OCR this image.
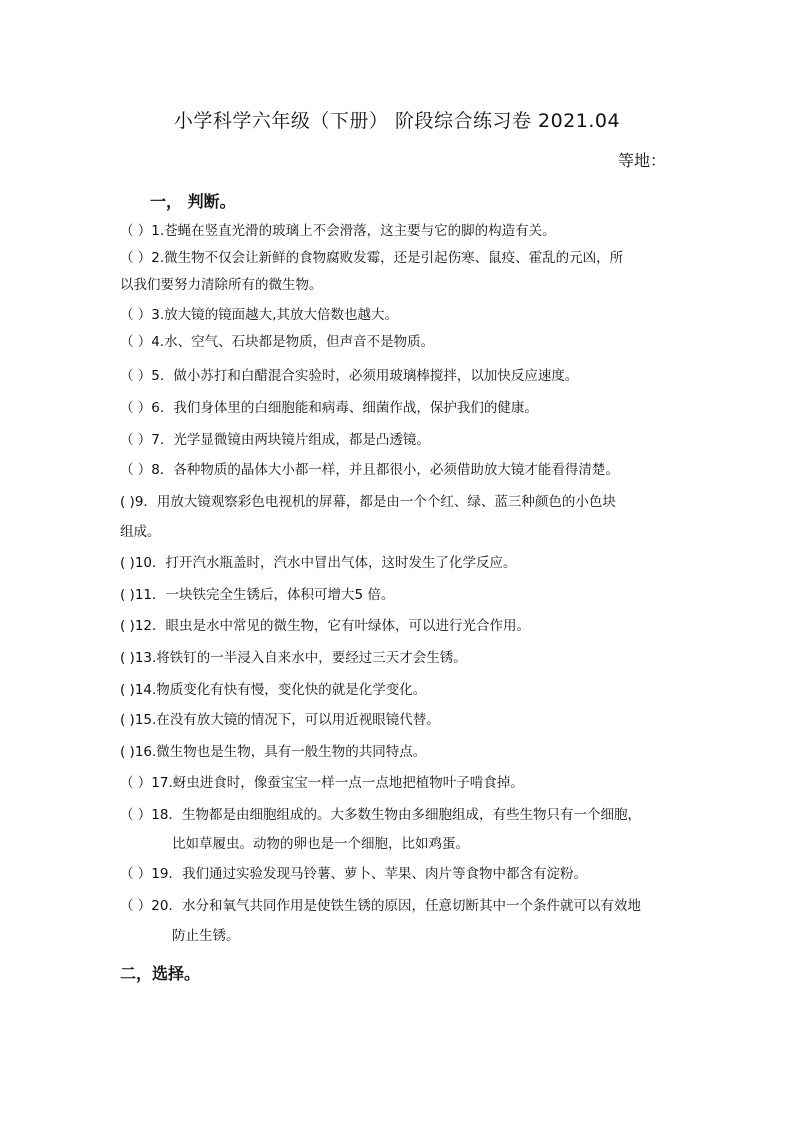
小学科学六年级（下册） 阶段综合练习卷 2021.04
等地：
一， 判断。
（ ）1.苍蝇在竖直光滑的玻璃上不会滑落，这主要与它的脚的构造有关。
（ ）2.微生物不仅会让新鲜的食物腐败发霉，还是引起伤寒、鼠疫、霍乱的元凶，所
以我们要努力清除所有的微生物。
（ ）3.放大镜的镜面越大,其放大倍数也越大。
（ ）4.水、空气、石块都是物质，但声音不是物质。
（ ）5．做小苏打和白醋混合实验时，必须用玻璃棒搅拌，以加快反应速度。
（ ）6．我们身体里的白细胞能和病毒、细菌作战，保护我们的健康。
（ ）7．光学显微镜由两块镜片组成，都是凸透镜。
（ ）8．各种物质的晶体大小都一样，并且都很小，必须借助放大镜才能看得清楚。
( )9．用放大镜观察彩色电视机的屏幕，都是由一个个红、绿、蓝三种颜色的小色块
组成。
( )10．打开汽水瓶盖时，汽水中冒出气体，这时发生了化学反应。
( )11．一块铁完全生锈后，体积可增大5 倍。
( )12．眼虫是水中常见的微生物，它有叶绿体，可以进行光合作用。
( )13.将铁钉的一半浸入自来水中，要经过三天才会生锈。
( )14.物质变化有快有慢，变化快的就是化学变化。
( )15.在没有放大镜的情况下，可以用近视眼镜代替。
( )16.微生物也是生物，具有一般生物的共同特点。
（ ）17.蚜虫进食时，像蚕宝宝一样一点一点地把植物叶子啃食掉。
（ ）18．生物都是由细胞组成的。大多数生物由多细胞组成，有些生物只有一个细胞，
比如草履虫。动物的卵也是一个细胞，比如鸡蛋。
（ ）19．我们通过实验发现马铃薯、萝卜、苹果、肉片等食物中都含有淀粉。
（ ）20．水分和氧气共同作用是使铁生锈的原因，任意切断其中一个条件就可以有效地
防止生锈。
二，选择。
